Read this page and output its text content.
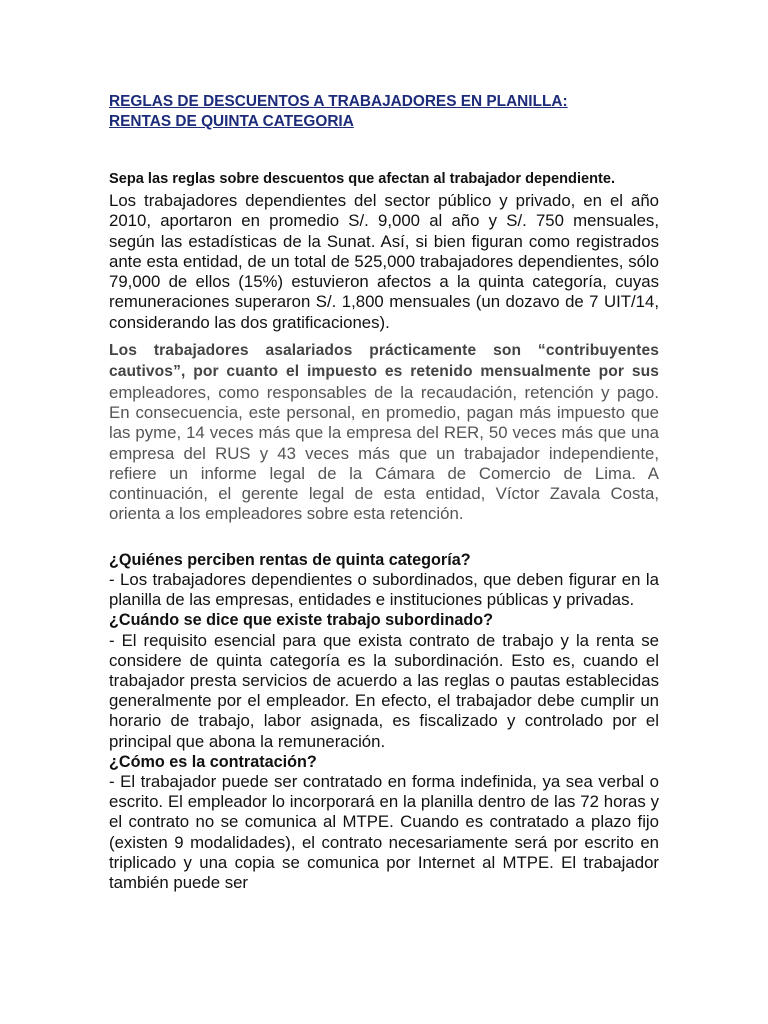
REGLAS DE DESCUENTOS A TRABAJADORES EN PLANILLA:
RENTAS DE QUINTA CATEGORIA

Sepa las reglas sobre descuentos que afectan al trabajador dependiente.

Los trabajadores dependientes del sector público y privado, en el año 2010, aportaron en promedio S/. 9,000 al año y S/. 750 mensuales, según las estadísticas de la Sunat. Así, si bien figuran como registrados ante esta entidad, de un total de 525,000 trabajadores dependientes, sólo 79,000 de ellos (15%) estuvieron afectos a la quinta categoría, cuyas remuneraciones superaron S/. 1,800 mensuales (un dozavo de 7 UIT/14, considerando las dos gratificaciones).

Los trabajadores asalariados prácticamente son “contribuyentes cautivos”, por cuanto el impuesto es retenido mensualmente por sus empleadores, como responsables de la recaudación, retención y pago. En consecuencia, este personal, en promedio, pagan más impuesto que las pyme, 14 veces más que la empresa del RER, 50 veces más que una empresa del RUS y 43 veces más que un trabajador independiente, refiere un informe legal de la Cámara de Comercio de Lima. A continuación, el gerente legal de esta entidad, Víctor Zavala Costa, orienta a los empleadores sobre esta retención.

¿Quiénes perciben rentas de quinta categoría?

- Los trabajadores dependientes o subordinados, que deben figurar en la planilla de las empresas, entidades e instituciones públicas y privadas.

¿Cuándo se dice que existe trabajo subordinado?

- El requisito esencial para que exista contrato de trabajo y la renta se considere de quinta categoría es la subordinación. Esto es, cuando el trabajador presta servicios de acuerdo a las reglas o pautas establecidas generalmente por el empleador. En efecto, el trabajador debe cumplir un horario de trabajo, labor asignada, es fiscalizado y controlado por el principal que abona la remuneración.

¿Cómo es la contratación?

- El trabajador puede ser contratado en forma indefinida, ya sea verbal o escrito. El empleador lo incorporará en la planilla dentro de las 72 horas y el contrato no se comunica al MTPE. Cuando es contratado a plazo fijo (existen 9 modalidades), el contrato necesariamente será por escrito en triplicado y una copia se comunica por Internet al MTPE. El trabajador también puede ser
